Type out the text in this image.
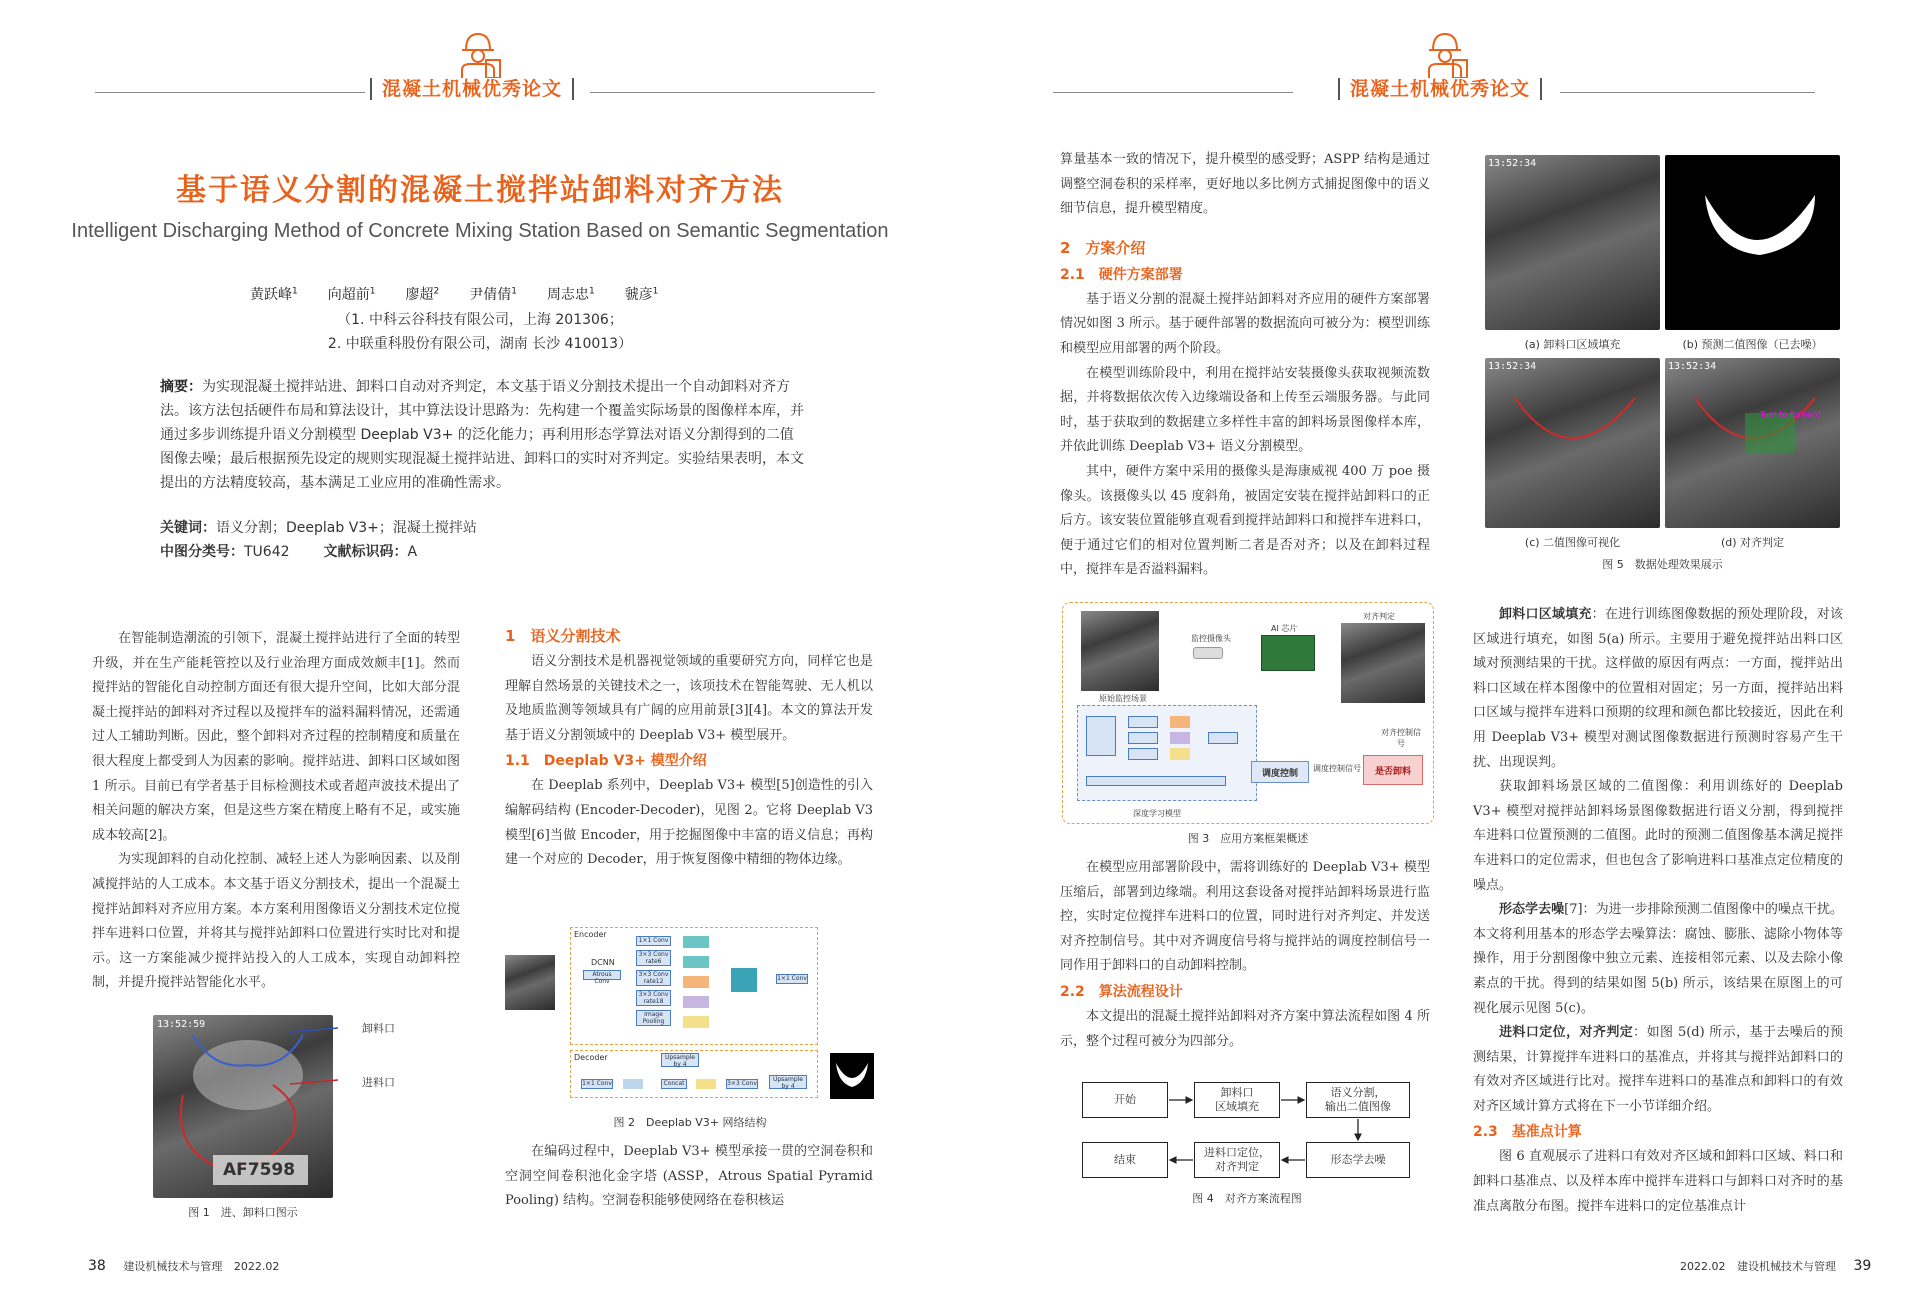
混凝土机械优秀论文
基于语义分割的混凝土搅拌站卸料对齐方法
Intelligent Discharging Method of Concrete Mixing Station Based on Semantic Segmentation
黄跃峰$^1$ 向超前$^1$ 廖超$^2$ 尹倩倩$^1$ 周志忠$^1$ 虢彦$^1$
（1. 中科云谷科技有限公司，上海 201306；
2. 中联重科股份有限公司，湖南 长沙 410013）
摘要：为实现混凝土搅拌站进、卸料口自动对齐判定，本文基于语义分割技术提出一个自动卸料对齐方法。该方法包括硬件布局和算法设计，其中算法设计思路为：先构建一个覆盖实际场景的图像样本库，并通过多步训练提升语义分割模型 Deeplab V3+ 的泛化能力；再利用形态学算法对语义分割得到的二值图像去噪；最后根据预先设定的规则实现混凝土搅拌站进、卸料口的实时对齐判定。实验结果表明，本文提出的方法精度较高，基本满足工业应用的准确性需求。
关键词：语义分割；Deeplab V3+；混凝土搅拌站
中图分类号：TU642 文献标识码：A

在智能制造潮流的引领下，混凝土搅拌站进行了全面的转型升级，并在生产能耗管控以及行业治理方面成效颇丰[1]。然而搅拌站的智能化自动控制方面还有很大提升空间，比如大部分混凝土搅拌站的卸料对齐过程以及搅拌车的溢料漏料情况，还需通过人工辅助判断。因此，整个卸料对齐过程的控制精度和质量在很大程度上都受到人为因素的影响。搅拌站进、卸料口区域如图 1 所示。目前已有学者基于目标检测技术或者超声波技术提出了相关问题的解决方案，但是这些方案在精度上略有不足，或实施成本较高[2]。

为实现卸料的自动化控制、减轻上述人为影响因素、以及削减搅拌站的人工成本。本文基于语义分割技术，提出一个混凝土搅拌站卸料对齐应用方案。本方案利用图像语义分割技术定位搅拌车进料口位置，并将其与搅拌站卸料口位置进行实时比对和提示。这一方案能减少搅拌站投入的人工成本，实现自动卸料控制，并提升搅拌站智能化水平。

13:52:59
AF7598
卸料口
进料口
图 1　进、卸料口图示
1　语义分割技术

语义分割技术是机器视觉领域的重要研究方向，同样它也是理解自然场景的关键技术之一，该项技术在智能驾驶、无人机以及地质监测等领域具有广阔的应用前景[3][4]。本文的算法开发基于语义分割领域中的 Deeplab V3+ 模型展开。

1.1　Deeplab V3+ 模型介绍

在 Deeplab 系列中，Deeplab V3+ 模型[5]创造性的引入编解码结构 (Encoder-Decoder)，见图 2。它将 Deeplab V3 模型[6]当做 Encoder，用于挖掘图像中丰富的语义信息；再构建一个对应的 Decoder，用于恢复图像中精细的物体边缘。

Encoder
DCNN
Atrous Conv
1×1 Conv
3×3 Conv rate6
3×3 Conv rate12
3×3 Conv rate18
Image Pooling
1×1 Conv
Decoder	Upsample by 4
1×1 Conv	Concat	3×3 Conv
Upsample by 4
图 2　Deeplab V3+ 网络结构

在编码过程中，Deeplab V3+ 模型承接一贯的空洞卷积和空洞空间卷积池化金字塔 (ASSP，Atrous Spatial Pyramid Pooling) 结构。空洞卷积能够使网络在卷积核运

38 建设机械技术与管理 2022.02
混凝土机械优秀论文

算量基本一致的情况下，提升模型的感受野；ASPP 结构是通过调整空洞卷积的采样率，更好地以多比例方式捕捉图像中的语义细节信息，提升模型精度。

2　方案介绍
2.1　硬件方案部署

基于语义分割的混凝土搅拌站卸料对齐应用的硬件方案部署情况如图 3 所示。基于硬件部署的数据流向可被分为：模型训练和模型应用部署的两个阶段。

在模型训练阶段中，利用在搅拌站安装摄像头获取视频流数据，并将数据依次传入边缘端设备和上传至云端服务器。与此同时，基于获取到的数据建立多样性丰富的卸料场景图像样本库，并依此训练 Deeplab V3+ 语义分割模型。

其中，硬件方案中采用的摄像头是海康威视 400 万 poe 摄像头。该摄像头以 45 度斜角，被固定安装在搅拌站卸料口的正后方。该安装位置能够直观看到搅拌站卸料口和搅拌车进料口，便于通过它们的相对位置判断二者是否对齐；以及在卸料过程中，搅拌车是否溢料漏料。

原始监控场景
监控摄像头
AI 芯片
对齐判定
对齐控制信号
深度学习模型
调度控制	调度控制信号	是否卸料
图 3　应用方案框架概述

在模型应用部署阶段中，需将训练好的 Deeplab V3+ 模型压缩后，部署到边缘端。利用这套设备对搅拌站卸料场景进行监控，实时定位搅拌车进料口的位置，同时进行对齐判定、并发送对齐控制信号。其中对齐调度信号将与搅拌站的调度控制信号一同作用于卸料口的自动卸料控制。

2.2　算法流程设计

本文提出的混凝土搅拌站卸料对齐方案中算法流程如图 4 所示，整个过程可被分为四部分。

开始
卸料口
区域填充
语义分割，
输出二值图像
结束
进料口定位，
对齐判定
形态学去噪
图 4　对齐方案流程图
13:52:34
(a) 卸料口区域填充	(b) 预测二值图像（已去噪）
13:52:34	13:52:34
Turn to forward
(c) 二值图像可视化	(d) 对齐判定
图 5　数据处理效果展示

卸料口区域填充：在进行训练图像数据的预处理阶段，对该区域进行填充，如图 5(a) 所示。主要用于避免搅拌站出料口区域对预测结果的干扰。这样做的原因有两点：一方面，搅拌站出料口区域在样本图像中的位置相对固定；另一方面，搅拌站出料口区域与搅拌车进料口预期的纹理和颜色都比较接近，因此在利用 Deeplab V3+ 模型对测试图像数据进行预测时容易产生干扰、出现误判。

获取卸料场景区域的二值图像：利用训练好的 Deeplab V3+ 模型对搅拌站卸料场景图像数据进行语义分割，得到搅拌车进料口位置预测的二值图。此时的预测二值图像基本满足搅拌车进料口的定位需求，但也包含了影响进料口基准点定位精度的噪点。

形态学去噪[7]：为进一步排除预测二值图像中的噪点干扰。本文将利用基本的形态学去噪算法：腐蚀、膨胀、滤除小物体等操作，用于分割图像中独立元素、连接相邻元素、以及去除小像素点的干扰。得到的结果如图 5(b) 所示，该结果在原图上的可视化展示见图 5(c)。

进料口定位，对齐判定：如图 5(d) 所示，基于去噪后的预测结果，计算搅拌车进料口的基准点，并将其与搅拌站卸料口的有效对齐区域进行比对。搅拌车进料口的基准点和卸料口的有效对齐区域计算方式将在下一小节详细介绍。

2.3　基准点计算

图 6 直观展示了进料口有效对齐区域和卸料口区域、料口和卸料口基准点、以及样本库中搅拌车进料口与卸料口对齐时的基准点离散分布图。搅拌车进料口的定位基准点计

2022.02 建设机械技术与管理 39
